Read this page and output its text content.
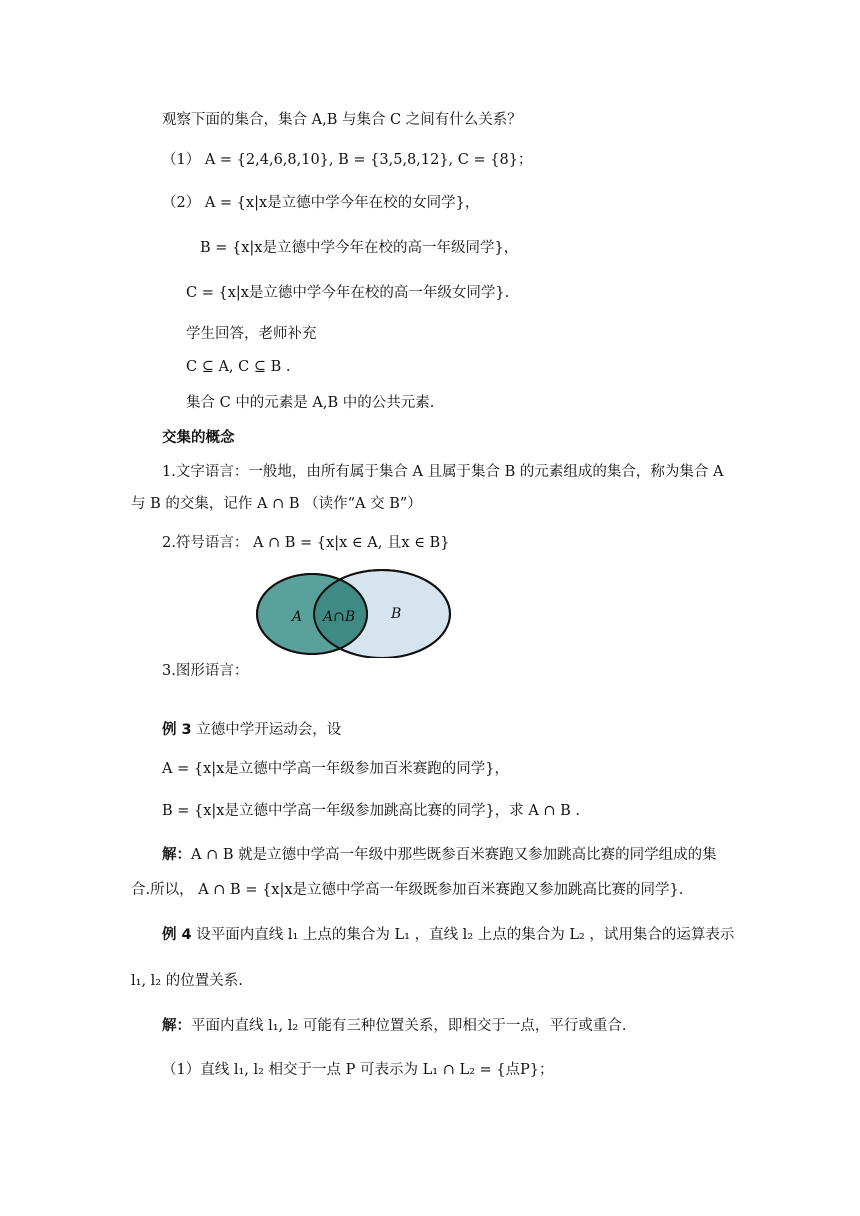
观察下面的集合，集合 A,B 与集合 C 之间有什么关系？
（1） A = {2,4,6,8,10}, B = {3,5,8,12}, C = {8}；
（2） A = {x|x是立德中学今年在校的女同学}，
B = {x|x是立德中学今年在校的高一年级同学}，
C = {x|x是立德中学今年在校的高一年级女同学}.
学生回答，老师补充
C ⊆ A, C ⊆ B .
集合 C 中的元素是 A,B 中的公共元素.
交集的概念
1.文字语言：一般地，由所有属于集合 A 且属于集合 B 的元素组成的集合，称为集合 A
与 B 的交集，记作 A ∩ B （读作“A 交 B”）
2.符号语言： A ∩ B = {x|x ∈ A, 且x ∈ B}
A A∩B	B
3.图形语言：
例 3 立德中学开运动会，设
A = {x|x是立德中学高一年级参加百米赛跑的同学}，
B = {x|x是立德中学高一年级参加跳高比赛的同学}，求 A ∩ B .
解：A ∩ B 就是立德中学高一年级中那些既参百米赛跑又参加跳高比赛的同学组成的集
合.所以， A ∩ B = {x|x是立德中学高一年级既参加百米赛跑又参加跳高比赛的同学}.
例 4 设平面内直线 l₁ 上点的集合为 L₁ ，直线 l₂ 上点的集合为 L₂ ，试用集合的运算表示
l₁, l₂ 的位置关系.
解：平面内直线 l₁, l₂ 可能有三种位置关系，即相交于一点，平行或重合.
（1）直线 l₁, l₂ 相交于一点 P 可表示为 L₁ ∩ L₂ = {点P}；
